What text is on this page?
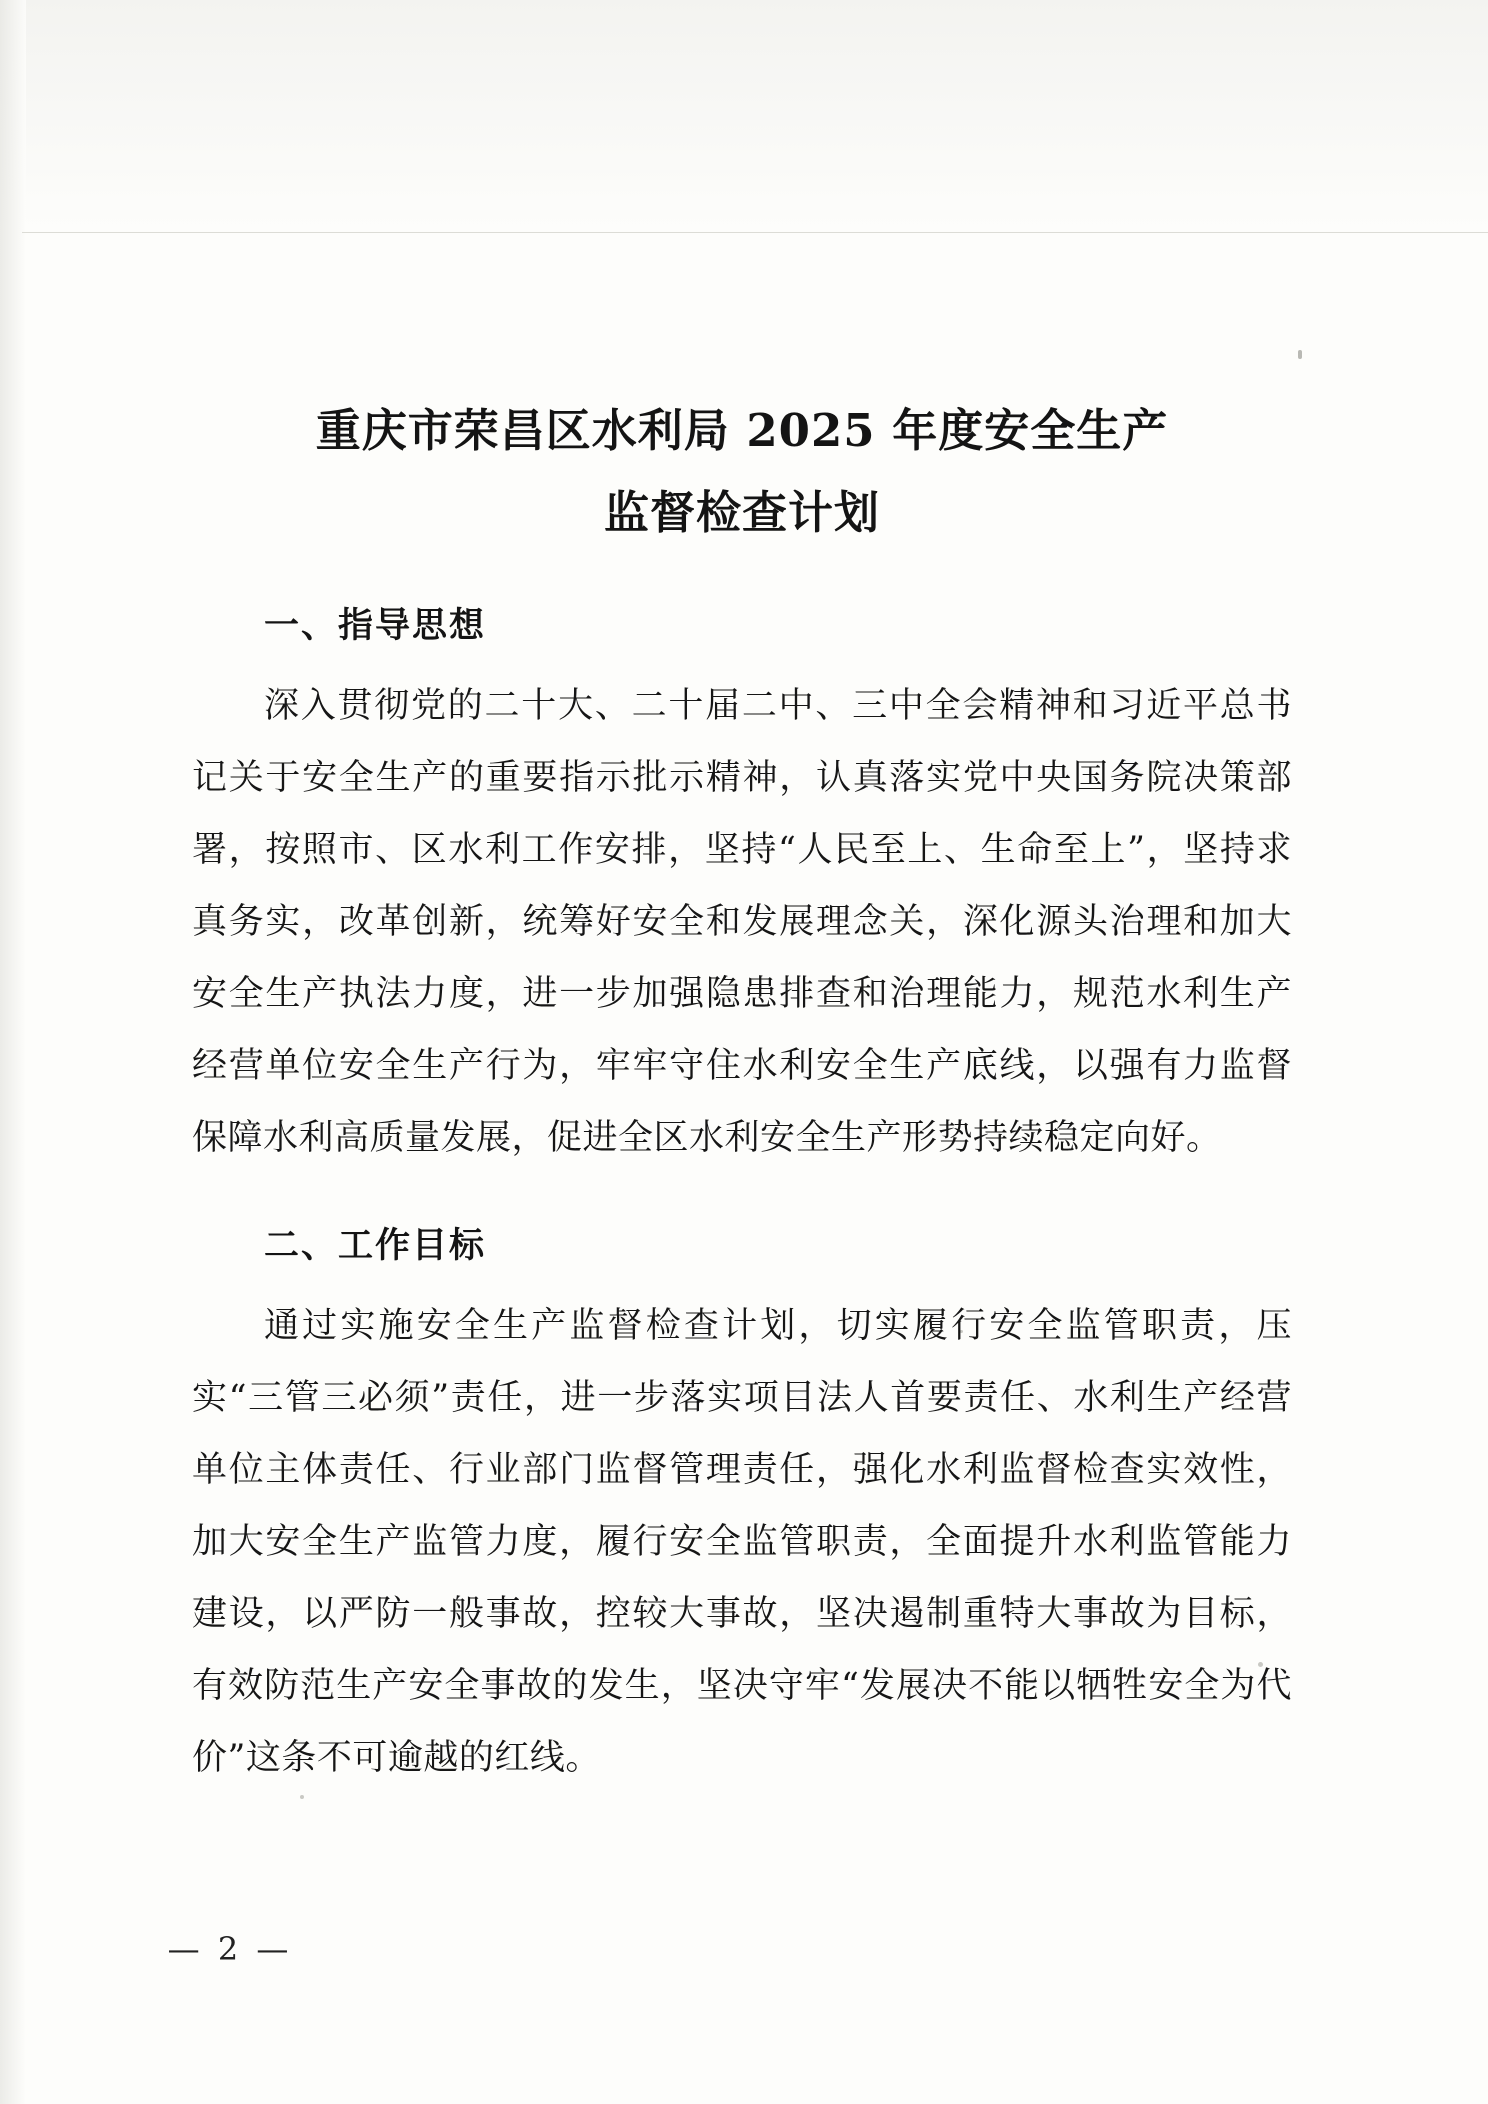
重庆市荣昌区水利局 2025 年度安全生产
监督检查计划
一、指导思想

深入贯彻党的二十大、二十届二中、三中全会精神和习近平总书记关于安全生产的重要指示批示精神，认真落实党中央国务院决策部署，按照市、区水利工作安排，坚持“人民至上、生命至上”，坚持求真务实，改革创新，统筹好安全和发展理念关，深化源头治理和加大安全生产执法力度，进一步加强隐患排查和治理能力，规范水利生产经营单位安全生产行为，牢牢守住水利安全生产底线，以强有力监督保障水利高质量发展，促进全区水利安全生产形势持续稳定向好。

二、工作目标

通过实施安全生产监督检查计划，切实履行安全监管职责，压实“三管三必须”责任，进一步落实项目法人首要责任、水利生产经营单位主体责任、行业部门监督管理责任，强化水利监督检查实效性，加大安全生产监管力度，履行安全监管职责，全面提升水利监管能力建设，以严防一般事故，控较大事故，坚决遏制重特大事故为目标，有效防范生产安全事故的发生，坚决守牢“发展决不能以牺牲安全为代价”这条不可逾越的红线。

— 2 —
